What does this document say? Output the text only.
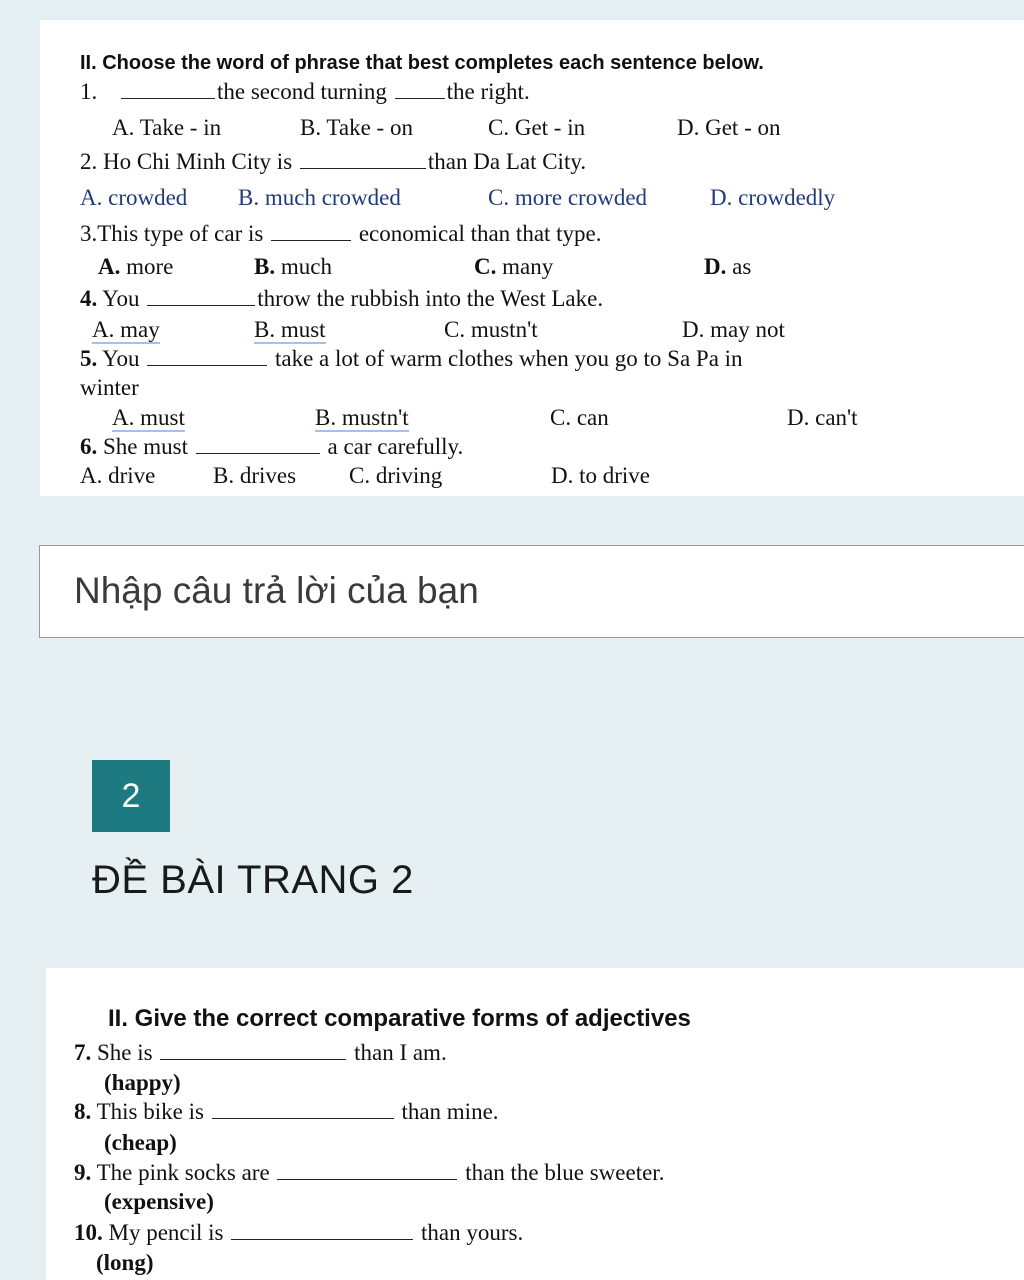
II. Choose the word of phrase that best completes each sentence below.
1.	the second turning	the right.
A. Take - in	B. Take - on	C. Get - in	D. Get - on
2. Ho Chi Minh City is	than Da Lat City.
A. crowded B. much crowded	C. more crowded	D. crowdedly
3.This type of car is	economical than that type.
A. more	B. much	C. many	D. as
4. You	throw the rubbish into the West Lake.
A. may	B. must	C. mustn't	D. may not
5. You	take a lot of warm clothes when you go to Sa Pa in
winter
A. must	B. mustn't	C. can	D. can't
6. She must	a car carefully.
A. drive	B. drives C. driving	D. to drive
Nhập câu trả lời của bạn
2
ĐỀ BÀI TRANG 2
II. Give the correct comparative forms of adjectives
7. She is	than I am.
(happy)
8. This bike is	than mine.
(cheap)
9. The pink socks are	than the blue sweeter.
(expensive)
10. My pencil is	than yours.
(long)
